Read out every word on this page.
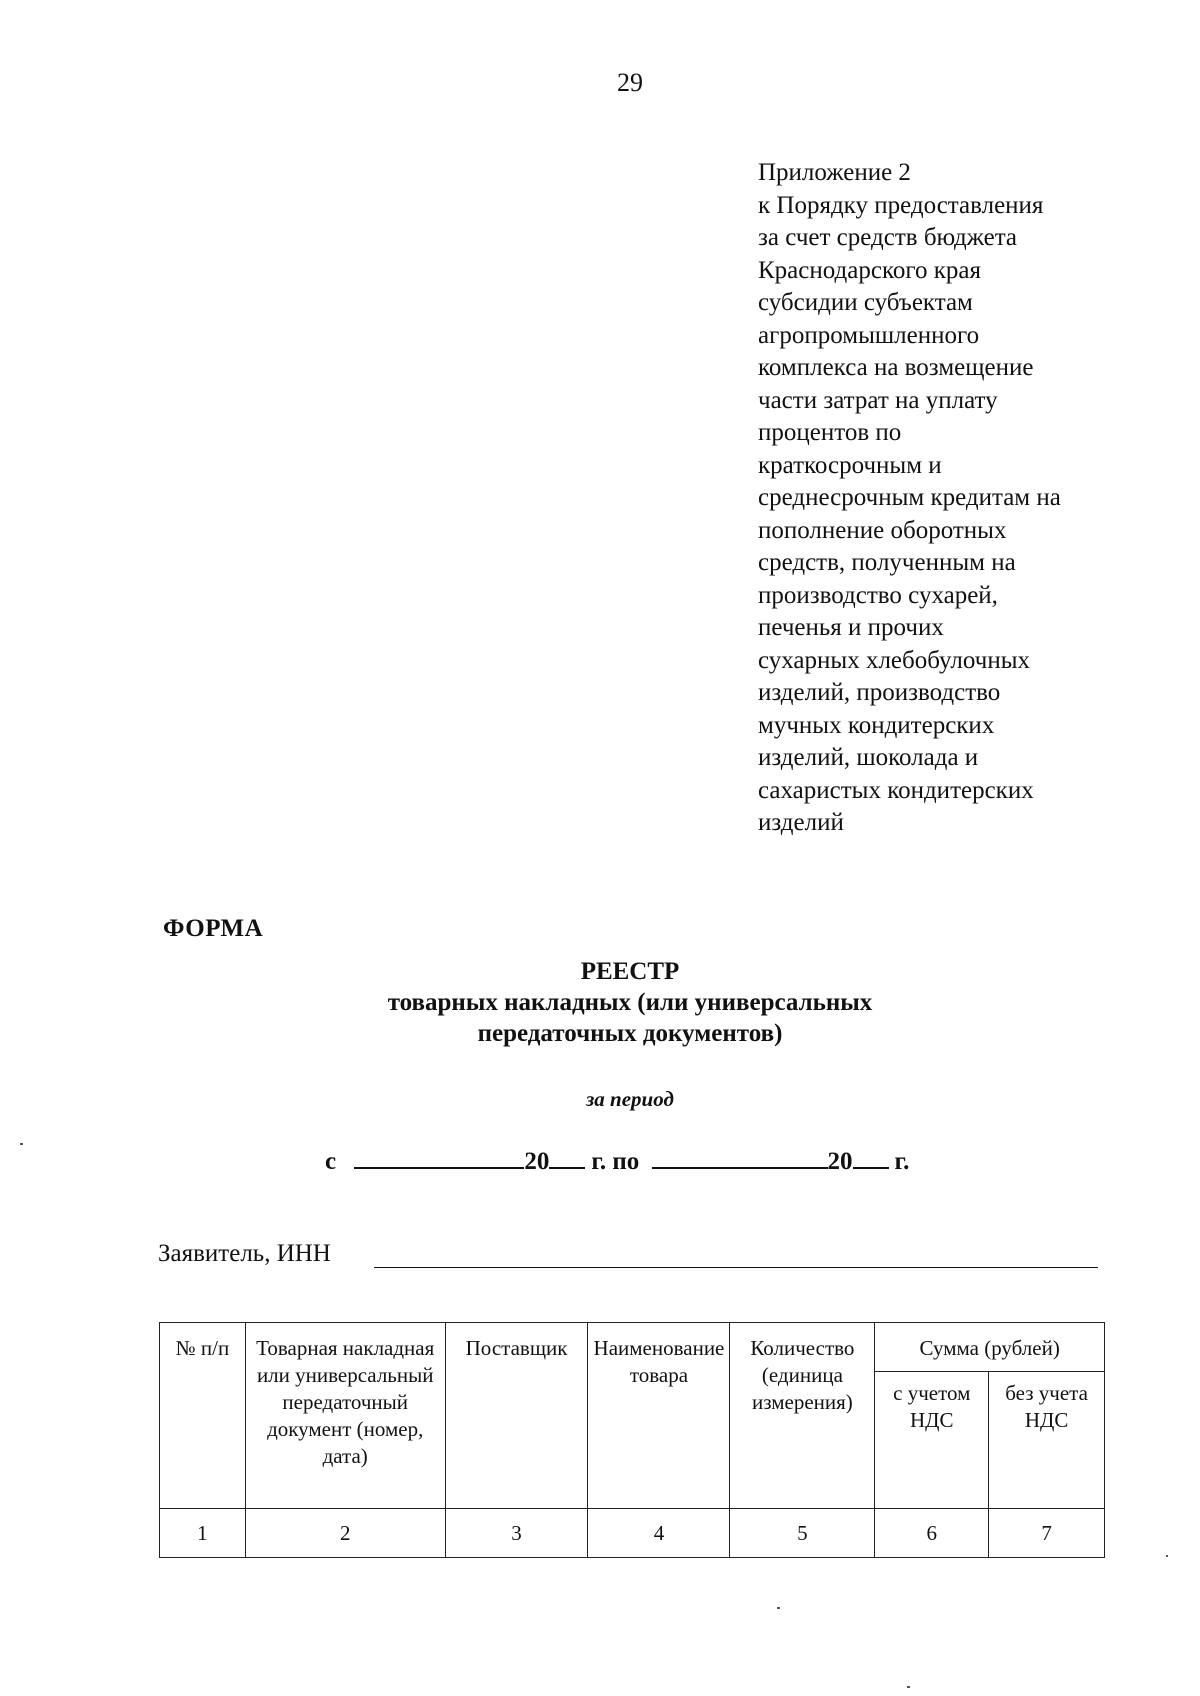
29
Приложение 2
к Порядку предоставления
за счет средств бюджета
Краснодарского края
субсидии субъектам
агропромышленного
комплекса на возмещение
части затрат на уплату
процентов по
краткосрочным и
среднесрочным кредитам на
пополнение оборотных
средств, полученным на
производство сухарей,
печенья и прочих
сухарных хлебобулочных
изделий, производство
мучных кондитерских
изделий, шоколада и
сахаристых кондитерских
изделий
ФОРМА
РЕЕСТР
товарных накладных (или универсальных
передаточных документов)
за период
с	20 г. по	20 г.
Заявитель, ИНН
№ п/п	Товарная накладная или универсальный передаточный документ (номер, дата)	Поставщик	Наименование товара	Количество (единица измерения)	Сумма (рублей)	
					с учетом НДС	без учета НДС
1	2	3	4	5	6	7
